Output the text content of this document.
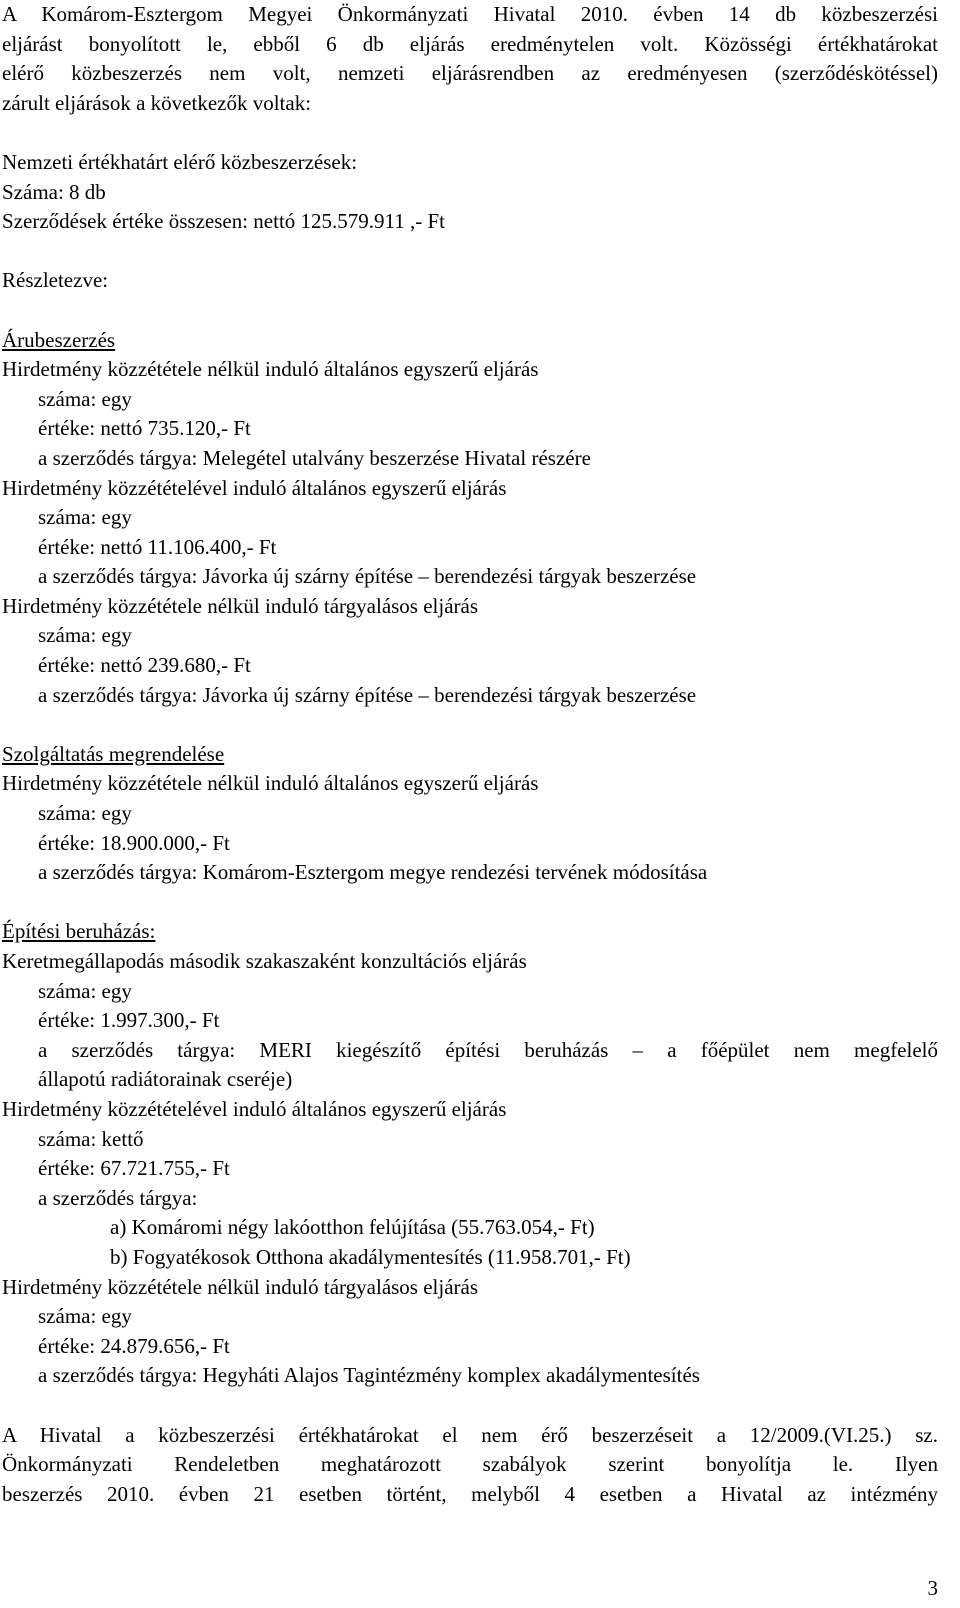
A Komárom-Esztergom Megyei Önkormányzati Hivatal 2010. évben 14 db közbeszerzési

eljárást bonyolított le, ebből 6 db eljárás eredménytelen volt. Közösségi értékhatárokat

elérő közbeszerzés nem volt, nemzeti eljárásrendben az eredményesen (szerződéskötéssel)

zárult eljárások a következők voltak:

Nemzeti értékhatárt elérő közbeszerzések:

Száma: 8 db

Szerződések értéke összesen: nettó 125.579.911 ,- Ft

Részletezve:

Árubeszerzés

Hirdetmény közzététele nélkül induló általános egyszerű eljárás

száma: egy

értéke: nettó 735.120,- Ft

a szerződés tárgya: Melegétel utalvány beszerzése Hivatal részére

Hirdetmény közzétételével induló általános egyszerű eljárás

száma: egy

értéke: nettó 11.106.400,- Ft

a szerződés tárgya: Jávorka új szárny építése – berendezési tárgyak beszerzése

Hirdetmény közzététele nélkül induló tárgyalásos eljárás

száma: egy

értéke: nettó 239.680,- Ft

a szerződés tárgya: Jávorka új szárny építése – berendezési tárgyak beszerzése

Szolgáltatás megrendelése

Hirdetmény közzététele nélkül induló általános egyszerű eljárás

száma: egy

értéke: 18.900.000,- Ft

a szerződés tárgya: Komárom-Esztergom megye rendezési tervének módosítása

Építési beruházás:

Keretmegállapodás második szakaszaként konzultációs eljárás

száma: egy

értéke: 1.997.300,- Ft

a szerződés tárgya: MERI kiegészítő építési beruházás – a főépület nem megfelelő

állapotú radiátorainak cseréje)

Hirdetmény közzétételével induló általános egyszerű eljárás

száma: kettő

értéke: 67.721.755,- Ft

a szerződés tárgya:

a) Komáromi négy lakóotthon felújítása (55.763.054,- Ft)

b) Fogyatékosok Otthona akadálymentesítés (11.958.701,- Ft)

Hirdetmény közzététele nélkül induló tárgyalásos eljárás

száma: egy

értéke: 24.879.656,- Ft

a szerződés tárgya: Hegyháti Alajos Tagintézmény komplex akadálymentesítés

A Hivatal a közbeszerzési értékhatárokat el nem érő beszerzéseit a 12/2009.(VI.25.) sz.

Önkormányzati Rendeletben meghatározott szabályok szerint bonyolítja le. Ilyen

beszerzés 2010. évben 21 esetben történt, melyből 4 esetben a Hivatal az intézmény

3
